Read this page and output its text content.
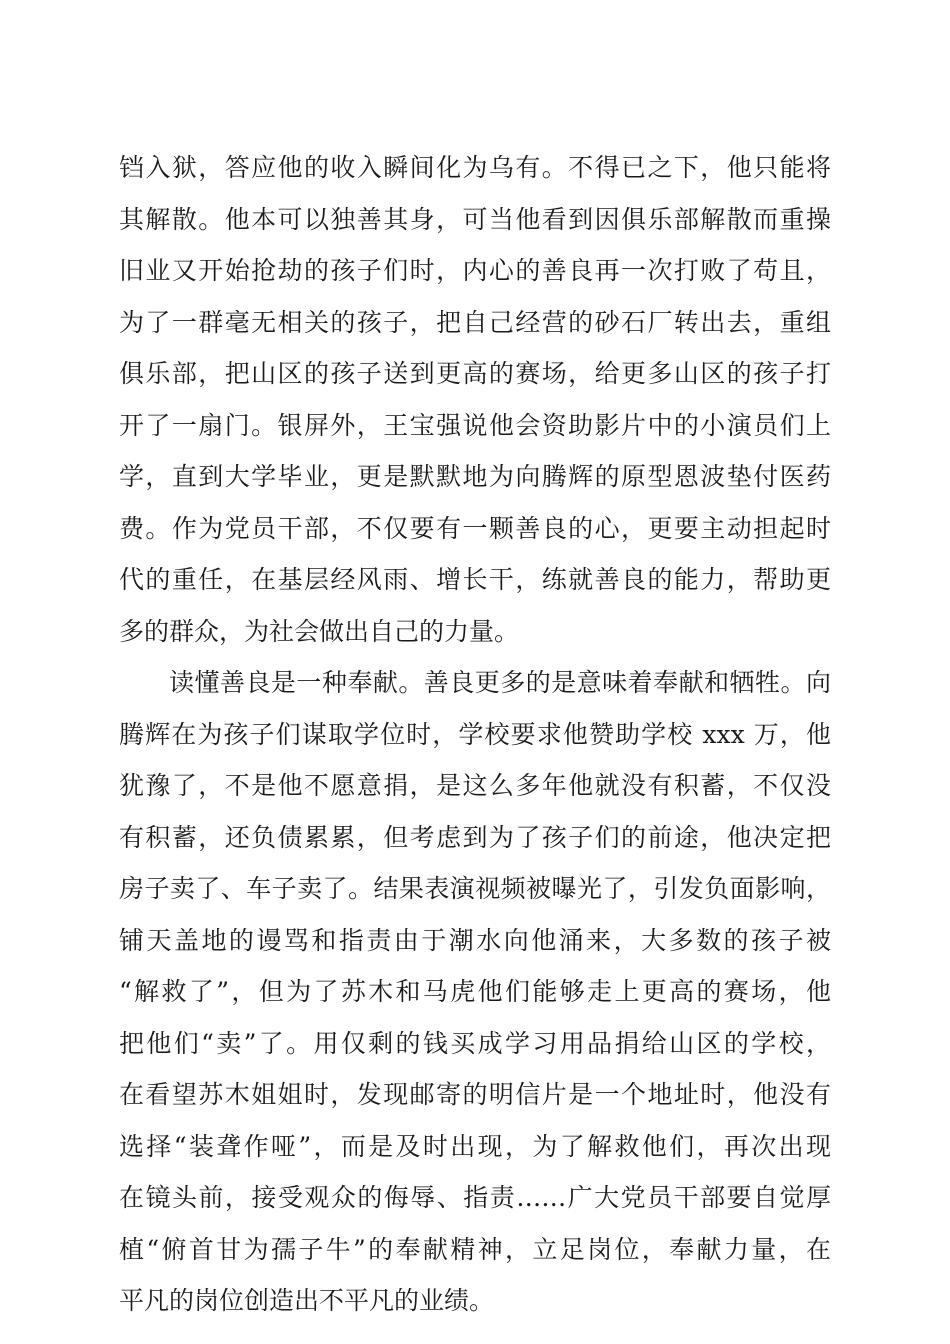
铛入狱，答应他的收入瞬间化为乌有。不得已之下，他只能将
其解散。他本可以独善其身，可当他看到因俱乐部解散而重操
旧业又开始抢劫的孩子们时，内心的善良再一次打败了苟且，
为了一群毫无相关的孩子，把自己经营的砂石厂转出去，重组
俱乐部，把山区的孩子送到更高的赛场，给更多山区的孩子打
开了一扇门。银屏外，王宝强说他会资助影片中的小演员们上
学，直到大学毕业，更是默默地为向腾辉的原型恩波垫付医药
费。作为党员干部，不仅要有一颗善良的心，更要主动担起时
代的重任，在基层经风雨、增长干，练就善良的能力，帮助更
多的群众，为社会做出自己的力量。
读懂善良是一种奉献。善良更多的是意味着奉献和牺牲。向
腾辉在为孩子们谋取学位时，学校要求他赞助学校 xxx 万，他
犹豫了，不是他不愿意捐，是这么多年他就没有积蓄，不仅没
有积蓄，还负债累累，但考虑到为了孩子们的前途，他决定把
房子卖了、车子卖了。结果表演视频被曝光了，引发负面影响，
铺天盖地的谩骂和指责由于潮水向他涌来，大多数的孩子被
“解救了”，但为了苏木和马虎他们能够走上更高的赛场，他
把他们“卖”了。用仅剩的钱买成学习用品捐给山区的学校，
在看望苏木姐姐时，发现邮寄的明信片是一个地址时，他没有
选择“装聋作哑”，而是及时出现，为了解救他们，再次出现
在镜头前，接受观众的侮辱、指责……广大党员干部要自觉厚
植“俯首甘为孺子牛”的奉献精神，立足岗位，奉献力量，在
平凡的岗位创造出不平凡的业绩。
